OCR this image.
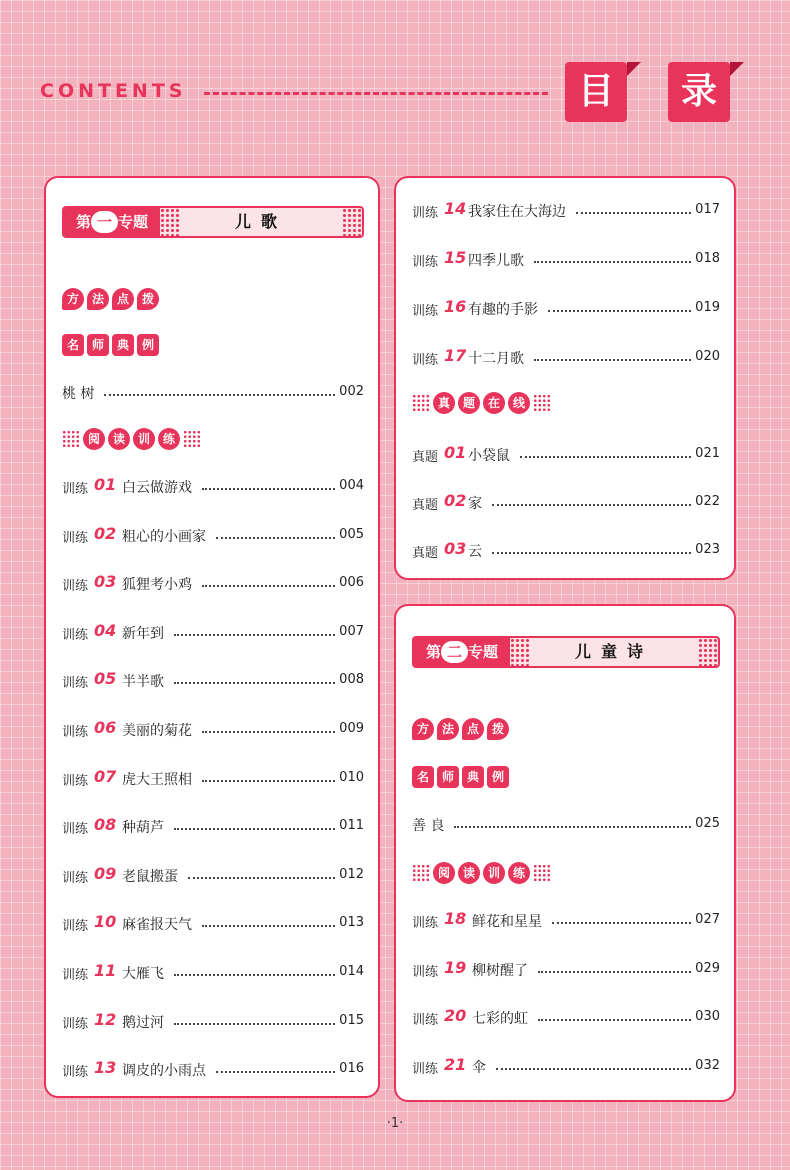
CONTENTS	目	录
第 一 专题	儿歌
方	法	点	拨
名	师	典	例
桃 树	002
阅	读	训	练
训练 01 白云做游戏	004
训练 02 粗心的小画家	005
训练 03 狐狸考小鸡	006
训练 04 新年到	007
训练 05 半半歌	008
训练 06 美丽的菊花	009
训练 07 虎大王照相	010
训练 08 种葫芦	011
训练 09 老鼠搬蛋	012
训练 10 麻雀报天气	013
训练 11 大雁飞	014
训练 12 鹅过河	015
训练 13 调皮的小雨点	016
训练 14 我家住在大海边	017
训练 15 四季儿歌	018
训练 16 有趣的手影	019
训练 17 十二月歌	020
真	题	在	线
真题 01 小袋鼠	021
真题 02 家	022
真题 03 云	023
第 二 专题	儿童诗
方	法	点	拨
名	师	典	例
善 良	025
阅	读	训	练
训练 18 鲜花和星星	027
训练 19 柳树醒了	029
训练 20 七彩的虹	030
训练 21 伞	032
·1·
